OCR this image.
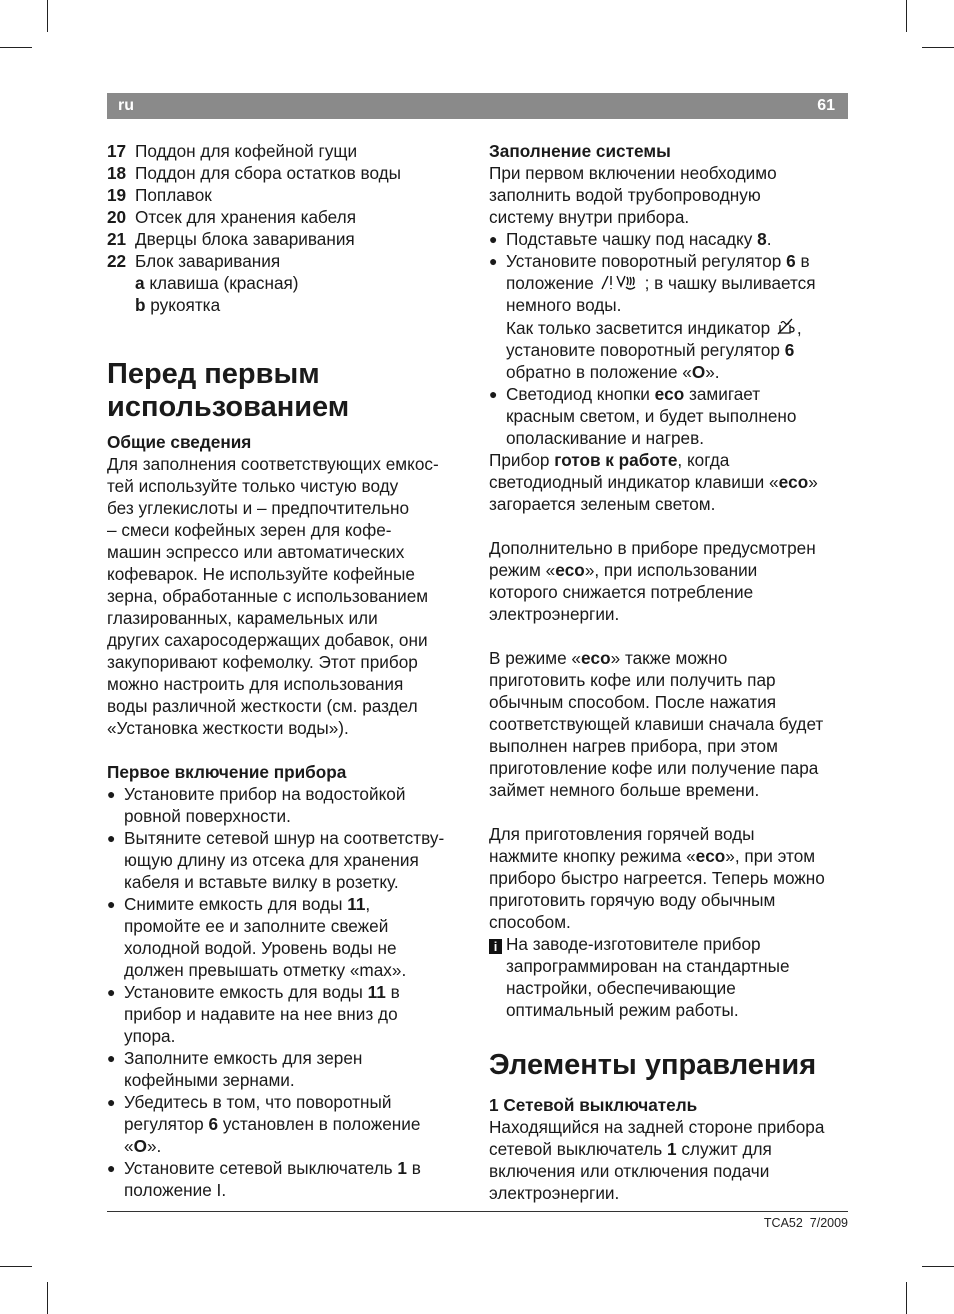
ru	61
17 Поддон для кофейной гущи
18 Поддон для сбора остатков воды
19 Поплавок
20 Отсек для хранения кабеля
21 Дверцы блока заваривания
22 Блок заваривания
a клавиша (красная)
b рукоятка
Перед первым
использованием
Общие сведения
Для заполнения соответствующих емкос-
тей используйте только чистую воду
без углекислоты и – предпочтительно
– смеси кофейных зерен для кофе-
машин эспрессо или автоматических
кофеварок. Не используйте кофейные
зерна, обработанные с использованием
глазированных, карамельных или
других сахаросодержащих добавок, они
закупоривают кофемолку. Этот прибор
можно настроить для использования
воды различной жесткости (см. раздел
«Установка жесткости воды»).
Первое включение прибора
● Установите прибор на водостойкой
ровной поверхности.
● Вытяните сетевой шнур на соответству-
ющую длину из отсека для хранения
кабеля и вставьте вилку в розетку.
● Снимите емкость для воды 11,
промойте ее и заполните свежей
холодной водой. Уровень воды не
должен превышать отметку «max».
● Установите емкость для воды 11 в
прибор и надавите на нее вниз до
упора.
● Заполните емкость для зерен
кофейными зернами.
● Убедитесь в том, что поворотный
регулятор 6 установлен в положение
«O».
● Установите сетевой выключатель 1 в
положение I.
Заполнение системы
При первом включении необходимо
заполнить водой трубопроводную
систему внутри прибора.
● Подставьте чашку под насадку 8.
● Установите поворотный регулятор 6 в
положение	; в чашку выливается
немного воды.
Как только засветится индикатор ,
установите поворотный регулятор 6
обратно в положение «O».
● Светодиод кнопки eco замигает
красным светом, и будет выполнено
ополаскивание и нагрев.
Прибор готов к работе, когда
светодиодный индикатор клавиши «eco»
загорается зеленым светом.
Дополнительно в приборе предусмотрен
режим «eco», при использовании
которого снижается потребление
электроэнергии.
В режиме «eco» также можно
приготовить кофе или получить пар
обычным способом. После нажатия
соответствующей клавиши сначала будет
выполнен нагрев прибора, при этом
приготовление кофе или получение пара
займет немного больше времени.
Для приготовления горячей воды
нажмите кнопку режима «eco», при этом
приборо быстро нагреется. Теперь можно
приготовить горячую воду обычным
способом.
i На заводе-изготовителе прибор
запрограммирован на стандартные
настройки, обеспечивающие
оптимальный режим работы.
Элементы управления
1 Сетевой выключатель
Находящийся на задней стороне прибора
сетевой выключатель 1 служит для
включения или отключения подачи
электроэнергии.
TCA52 7/2009
